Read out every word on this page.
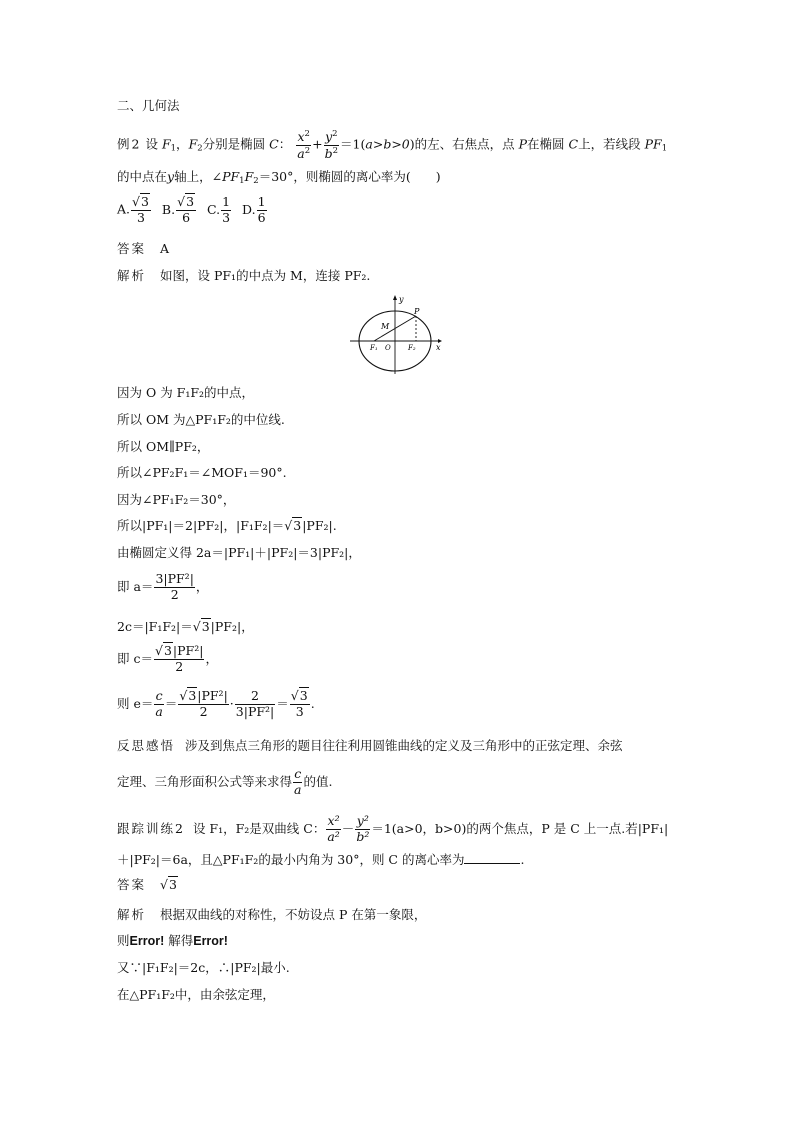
二、几何法
例2 设 $F_1$，$F_2$分别是椭圆 C： $\frac{x^2}{a^2} + \frac{y^2}{b^2} =1(a>b>0)$的左、右焦点，点 P在椭圆 C上，若线段 $PF_1$
的中点在y轴上，$\angle PF_1F_2=30^\circ$，则椭圆的离心率为(　　)
A. $\frac{√3}{3} B$. $\frac{√3}{6} C$. $\frac{1}{3} D$. $\frac{1}{6}$
答案 A
解析 如图，设 PF₁的中点为 M，连接 PF₂.
y
x
P
M
F₁ O F₂
因为 O 为 F₁F₂的中点，
所以 OM 为△PF₁F₂的中位线.
所以 OM∥PF₂，
所以∠PF₂F₁＝∠MOF₁＝90°.
因为∠PF₁F₂＝30°，
所以|PF₁|＝2|PF₂|，|F₁F₂|＝√3|PF₂|.
由椭圆定义得 2a＝|PF₁|＋|PF₂|＝3|PF₂|，
即 $a= \frac{\text{3|PF²|}}{2}$ ，
2c＝|F₁F₂|＝√3|PF₂|，
即 $c= \frac{\text{√3|PF²|}}{2}$ ，
则 $e= \frac{c}{a} = \frac{\text{√3|PF²|}}{2} \cdot \frac{2}{\text{3|PF²|}} = \frac{√3}{3}$ .
反思感悟 涉及到焦点三角形的题目往往利用圆锥曲线的定义及三角形中的正弦定理、余弦
定理、三角形面积公式等来求得 $\frac{c}{a}$ 的值.
跟踪训练2 设 F₁，F₂是双曲线 C： $\frac{\text{x²}}{\text{a²}} - \frac{\text{y²}}{\text{b²}} =1(a>0$，b>0)的两个焦点，P 是 C 上一点.若|PF₁|
＋|PF₂|＝6a，且△PF₁F₂的最小内角为 30°，则 C 的离心率为	.
答案 √3
解析 根据双曲线的对称性，不妨设点 P 在第一象限，
则Error! 解得Error!
又∵|F₁F₂|＝2c，∴|PF₂|最小.
在△PF₁F₂中，由余弦定理，
